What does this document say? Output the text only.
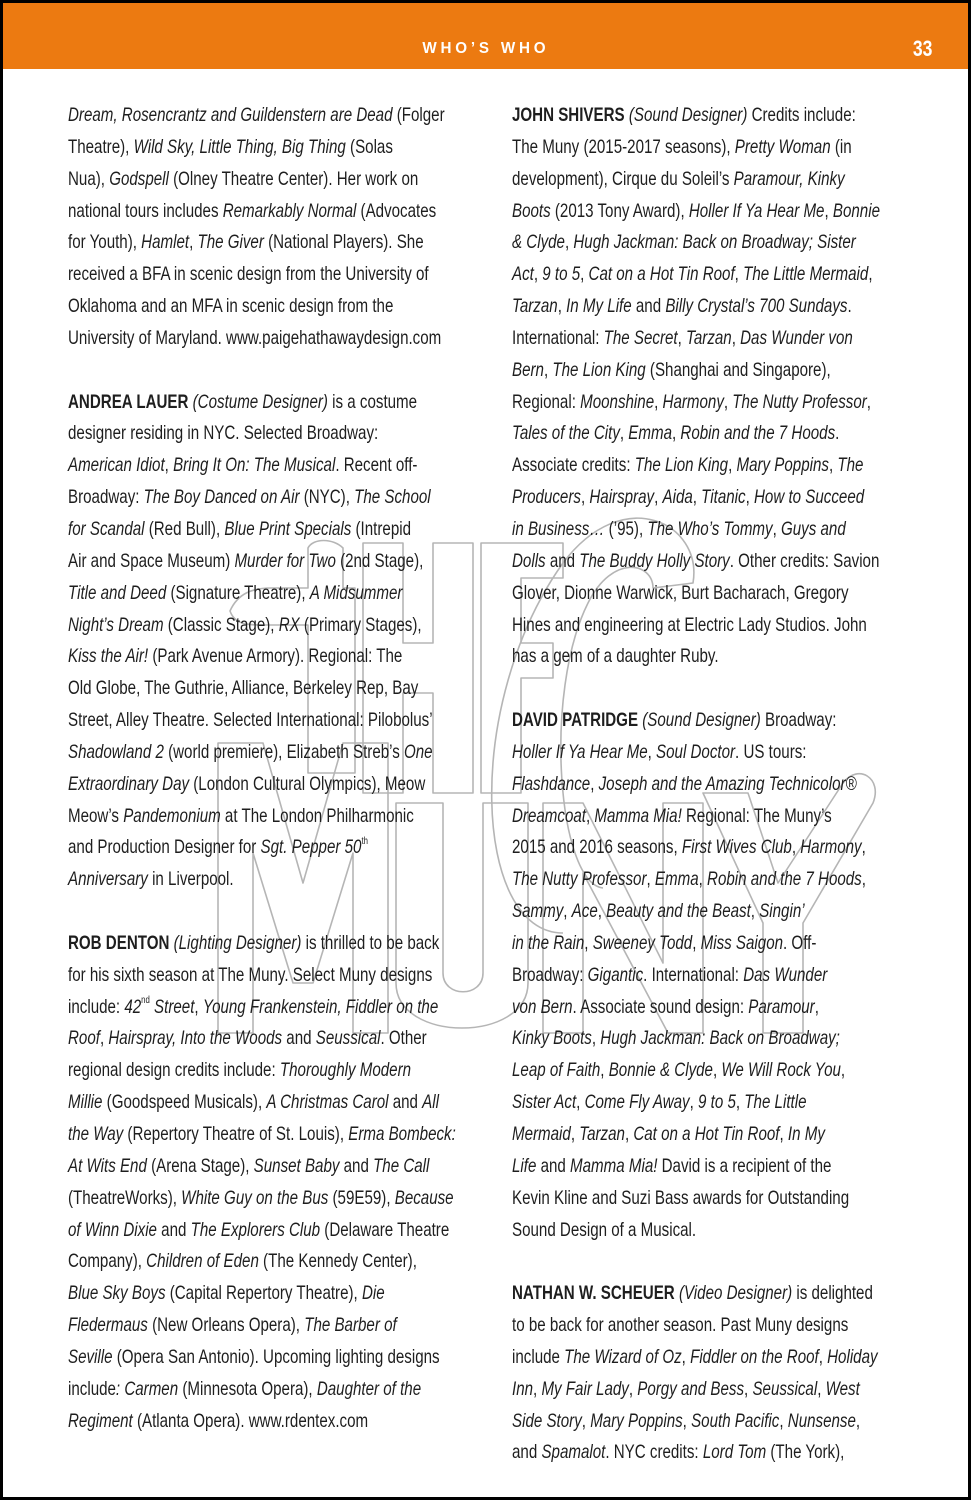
WHO’S WHO	33
Dream, Rosencrantz and Guildenstern are Dead (Folger
Theatre), Wild Sky, Little Thing, Big Thing (Solas
Nua), Godspell (Olney Theatre Center). Her work on
national tours includes Remarkably Normal (Advocates
for Youth), Hamlet, The Giver (National Players). She
received a BFA in scenic design from the University of
Oklahoma and an MFA in scenic design from the
University of Maryland. www.paigehathawaydesign.com
ANDREA LAUER (Costume Designer) is a costume
designer residing in NYC. Selected Broadway:
American Idiot, Bring It On: The Musical. Recent off-
Broadway: The Boy Danced on Air (NYC), The School
for Scandal (Red Bull), Blue Print Specials (Intrepid
Air and Space Museum) Murder for Two (2nd Stage),
Title and Deed (Signature Theatre), A Midsummer
Night’s Dream (Classic Stage), RX (Primary Stages),
Kiss the Air! (Park Avenue Armory). Regional: The
Old Globe, The Guthrie, Alliance, Berkeley Rep, Bay
Street, Alley Theatre. Selected International: Pilobolus’
Shadowland 2 (world premiere), Elizabeth Streb’s One
Extraordinary Day (London Cultural Olympics), Meow
Meow’s Pandemonium at The London Philharmonic
and Production Designer for Sgt. Pepper 50th
Anniversary in Liverpool.
ROB DENTON (Lighting Designer) is thrilled to be back
for his sixth season at The Muny. Select Muny designs
include: 42nd Street, Young Frankenstein, Fiddler on the
Roof, Hairspray, Into the Woods and Seussical. Other
regional design credits include: Thoroughly Modern
Millie (Goodspeed Musicals), A Christmas Carol and All
the Way (Repertory Theatre of St. Louis), Erma Bombeck:
At Wits End (Arena Stage), Sunset Baby and The Call
(TheatreWorks), White Guy on the Bus (59E59), Because
of Winn Dixie and The Explorers Club (Delaware Theatre
Company), Children of Eden (The Kennedy Center),
Blue Sky Boys (Capital Repertory Theatre), Die
Fledermaus (New Orleans Opera), The Barber of
Seville (Opera San Antonio). Upcoming lighting designs
include: Carmen (Minnesota Opera), Daughter of the
Regiment (Atlanta Opera). www.rdentex.com
JOHN SHIVERS (Sound Designer) Credits include:
The Muny (2015-2017 seasons), Pretty Woman (in
development), Cirque du Soleil’s Paramour, Kinky
Boots (2013 Tony Award), Holler If Ya Hear Me, Bonnie
& Clyde, Hugh Jackman: Back on Broadway; Sister
Act, 9 to 5, Cat on a Hot Tin Roof, The Little Mermaid,
Tarzan, In My Life and Billy Crystal’s 700 Sundays.
International: The Secret, Tarzan, Das Wunder von
Bern, The Lion King (Shanghai and Singapore),
Regional: Moonshine, Harmony, The Nutty Professor,
Tales of the City, Emma, Robin and the 7 Hoods.
Associate credits: The Lion King, Mary Poppins, The
Producers, Hairspray, Aida, Titanic, How to Succeed
in Business… (’95), The Who’s Tommy, Guys and
Dolls and The Buddy Holly Story. Other credits: Savion
Glover, Dionne Warwick, Burt Bacharach, Gregory
Hines and engineering at Electric Lady Studios. John
has a gem of a daughter Ruby.
DAVID PATRIDGE (Sound Designer) Broadway:
Holler If Ya Hear Me, Soul Doctor. US tours:
Flashdance, Joseph and the Amazing Technicolor®
Dreamcoat, Mamma Mia! Regional: The Muny’s
2015 and 2016 seasons, First Wives Club, Harmony,
The Nutty Professor, Emma, Robin and the 7 Hoods,
Sammy, Ace, Beauty and the Beast, Singin’
in the Rain, Sweeney Todd, Miss Saigon. Off-
Broadway: Gigantic. International: Das Wunder
von Bern. Associate sound design: Paramour,
Kinky Boots, Hugh Jackman: Back on Broadway;
Leap of Faith, Bonnie & Clyde, We Will Rock You,
Sister Act, Come Fly Away, 9 to 5, The Little
Mermaid, Tarzan, Cat on a Hot Tin Roof, In My
Life and Mamma Mia! David is a recipient of the
Kevin Kline and Suzi Bass awards for Outstanding
Sound Design of a Musical.
NATHAN W. SCHEUER (Video Designer) is delighted
to be back for another season. Past Muny designs
include The Wizard of Oz, Fiddler on the Roof, Holiday
Inn, My Fair Lady, Porgy and Bess, Seussical, West
Side Story, Mary Poppins, South Pacific, Nunsense,
and Spamalot. NYC credits: Lord Tom (The York),
